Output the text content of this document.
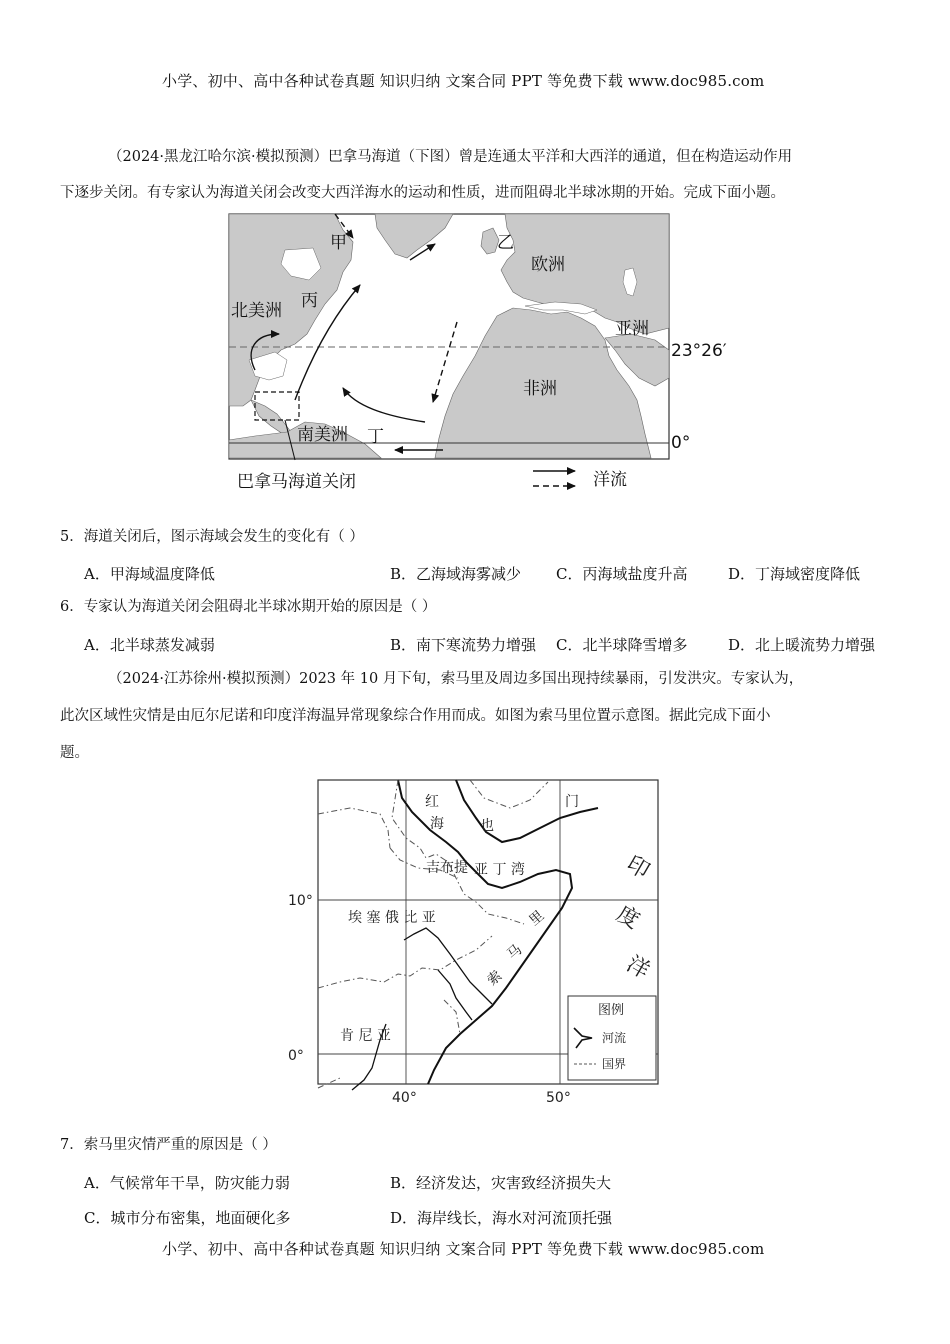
小学、初中、高中各种试卷真题 知识归纳 文案合同 PPT 等免费下载 www.doc985.com
（2024·黑龙江哈尔滨·模拟预测）巴拿马海道（下图）曾是连通太平洋和大西洋的通道，但在构造运动作用
下逐步关闭。有专家认为海道关闭会改变大西洋海水的运动和性质，进而阻碍北半球冰期的开始。完成下面小题。
甲	乙
丙
丁
欧洲
亚洲
非洲
北美洲
南美洲
23°26′
0°
巴拿马海道关闭	洋流
5．海道关闭后，图示海域会发生的变化有（ ）
A．甲海域温度降低	B．乙海域海雾减少 C．丙海域盐度升高	D．丁海域密度降低
6．专家认为海道关闭会阻碍北半球冰期开始的原因是（ ）
A．北半球蒸发减弱	B．南下寒流势力增强 C．北半球降雪增多	D．北上暖流势力增强
（2024·江苏徐州·模拟预测）2023 年 10 月下旬，索马里及周边多国出现持续暴雨，引发洪灾。专家认为，
此次区域性灾情是由厄尔尼诺和印度洋海温异常现象综合作用而成。如图为索马里位置示意图。据此完成下面小
题。
红
海	也
门
吉布提 亚 丁 湾
埃 塞 俄 比 亚
索
马
里
印
度
洋
肯 尼 亚
10°
0°
40°	50°
图例
河流
国界
7．索马里灾情严重的原因是（ ）
A．气候常年干旱，防灾能力弱	B．经济发达，灾害致经济损失大
C．城市分布密集，地面硬化多	D．海岸线长，海水对河流顶托强
小学、初中、高中各种试卷真题 知识归纳 文案合同 PPT 等免费下载 www.doc985.com
